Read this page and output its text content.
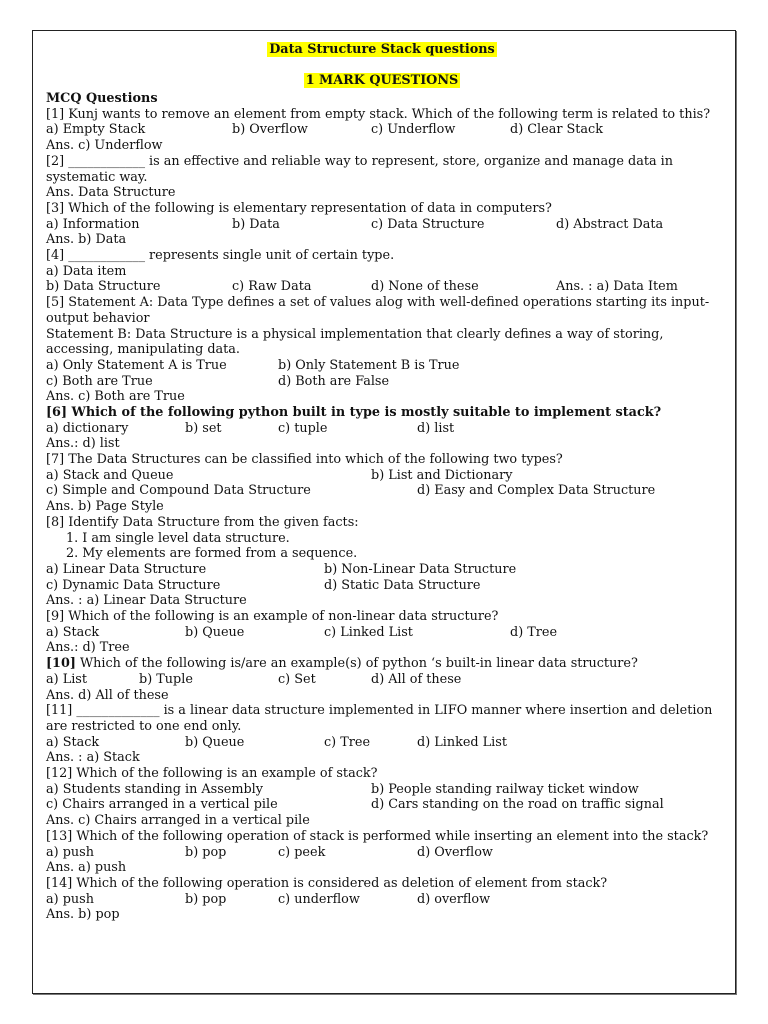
Data Structure Stack questions
1 MARK QUESTIONS
MCQ Questions
[1] Kunj wants to remove an element from empty stack. Which of the following term is related to this?
a) Empty Stack	b) Overflow	c) Underflow	d) Clear Stack
Ans. c) Underflow
[2] ____________ is an effective and reliable way to represent, store, organize and manage data in systematic way.
Ans. Data Structure
[3] Which of the following is elementary representation of data in computers?
a) Information	b) Data	c) Data Structure	d) Abstract Data
Ans. b) Data
[4] ____________ represents single unit of certain type.
a) Data item
b) Data Structure	c) Raw Data	d) None of these	Ans. : a) Data Item
[5] Statement A: Data Type defines a set of values alog with well-defined operations starting its input-output behavior
Statement B: Data Structure is a physical implementation that clearly defines a way of storing, accessing, manipulating data.
a) Only Statement A is True	b) Only Statement B is True
c) Both are True	d) Both are False
Ans. c) Both are True
[6] Which of the following python built in type is mostly suitable to implement stack?
a) dictionary	b) set	c) tuple	d) list
Ans.: d) list
[7] The Data Structures can be classified into which of the following two types?
a) Stack and Queue	b) List and Dictionary
c) Simple and Compound Data Structure	d) Easy and Complex Data Structure
Ans. b) Page Style
[8] Identify Data Structure from the given facts:
1. I am single level data structure.
2. My elements are formed from a sequence.
a) Linear Data Structure	b) Non-Linear Data Structure
c) Dynamic Data Structure	d) Static Data Structure
Ans. : a) Linear Data Structure
[9] Which of the following is an example of non-linear data structure?
a) Stack	b) Queue	c) Linked List	d) Tree
Ans.: d) Tree
[10] Which of the following is/are an example(s) of python ‘s built-in linear data structure?
a) List	b) Tuple	c) Set	d) All of these
Ans. d) All of these
[11] _____________ is a linear data structure implemented in LIFO manner where insertion and deletion are restricted to one end only.
a) Stack	b) Queue	c) Tree	d) Linked List
Ans. : a) Stack
[12] Which of the following is an example of stack?
a) Students standing in Assembly	b) People standing railway ticket window
c) Chairs arranged in a vertical pile	d) Cars standing on the road on traffic signal
Ans. c) Chairs arranged in a vertical pile
[13] Which of the following operation of stack is performed while inserting an element into the stack?
a) push	b) pop	c) peek	d) Overflow
Ans. a) push
[14] Which of the following operation is considered as deletion of element from stack?
a) push	b) pop	c) underflow	d) overflow
Ans. b) pop
